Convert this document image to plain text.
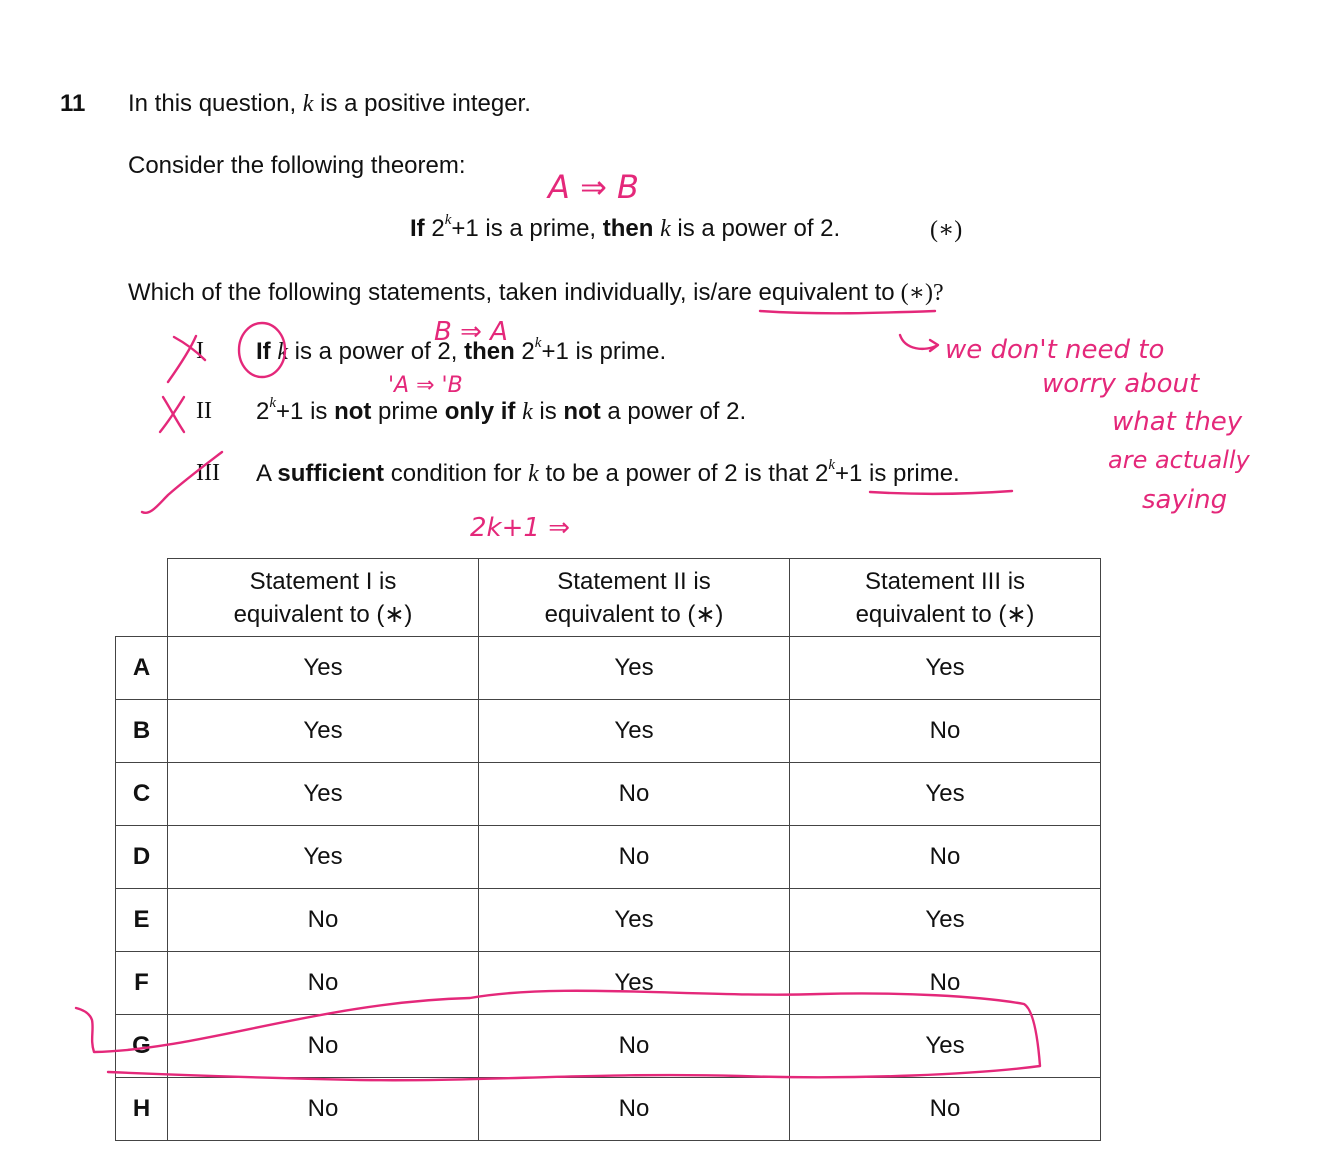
11 In this question, k is a positive integer.
Consider the following theorem:
If $2^k+1$ is a prime, then k is a power of 2.	(∗)
Which of the following statements, taken individually, is/are equivalent to (∗)?
I If k is a power of 2, then $2^k+1$ is prime.
II $2^k+1$ is not prime only if k is not a power of 2.
III A sufficient condition for k to be a power of 2 is that $2^k+1$ is prime.
	Statement I is
equivalent to (∗)	Statement II is
equivalent to (∗)	Statement III is
equivalent to (∗)
A	Yes	Yes	Yes
B	Yes	Yes	No
C	Yes	No	Yes
D	Yes	No	No
E	No	Yes	Yes
F	No	Yes	No
G	No	No	Yes
H	No	No	No
A ⇒ B
B ⇒ A
'A ⇒ 'B
2k+1 ⇒
we don't need to
worry about
what they
are actually
saying
